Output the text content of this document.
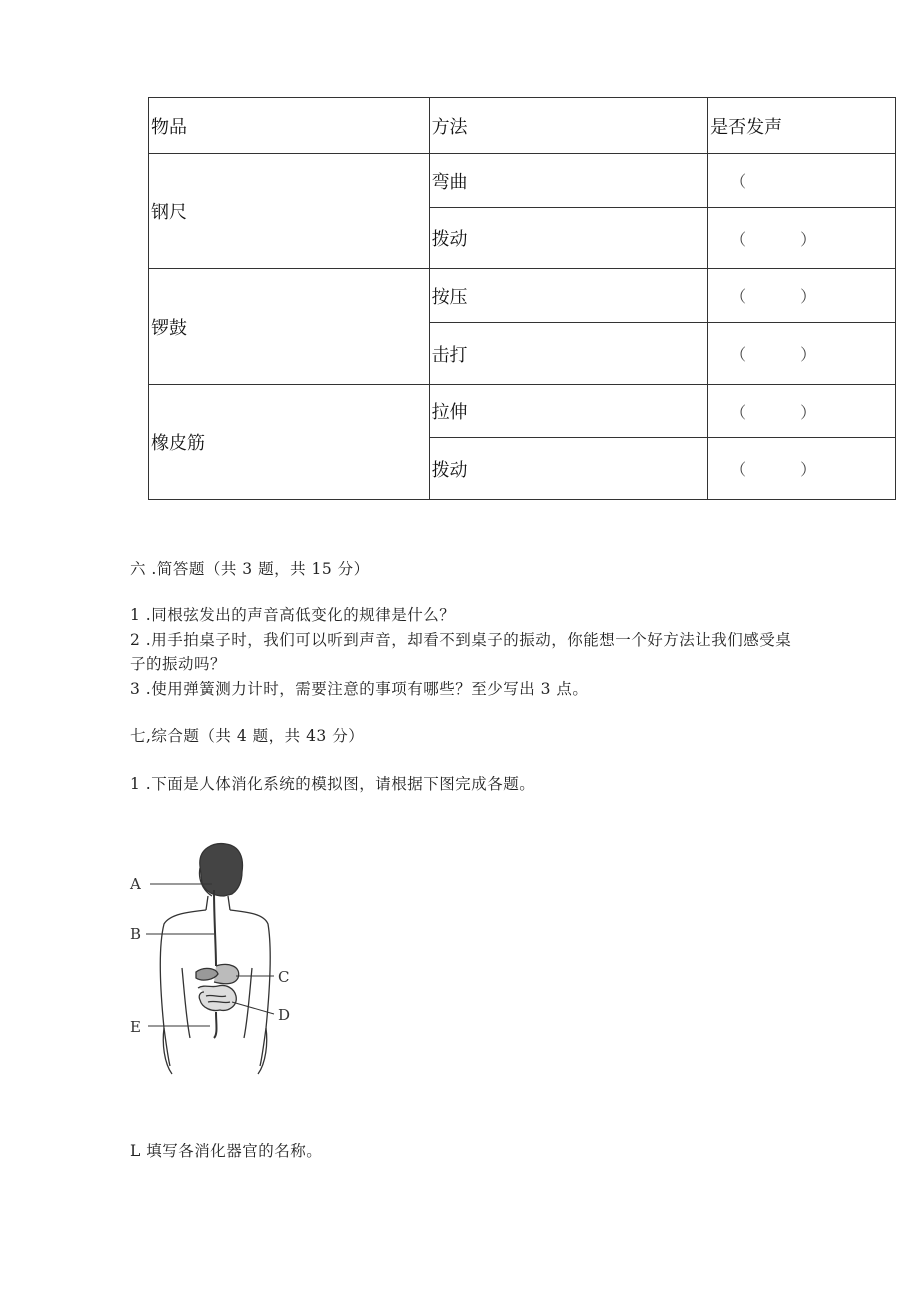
物品	方法	是否发声
钢尺	弯曲	（
	拨动	（ ）
锣鼓	按压	（ ）
	击打	（ ）
橡皮筋	拉伸	（ ）
	拨动	（ ）
六 .简答题（共 3 题，共 15 分）
1 .同根弦发出的声音高低变化的规律是什么？
2 .用手拍桌子时，我们可以听到声音，却看不到桌子的振动，你能想一个好方法让我们感受桌
子的振动吗？
3 .使用弹簧测力计时，需要注意的事项有哪些？至少写出 3 点。
七,综合题（共 4 题，共 43 分）
1 .下面是人体消化系统的模拟图，请根据下图完成各题。
A
B
C
D
E
L 填写各消化器官的名称。
